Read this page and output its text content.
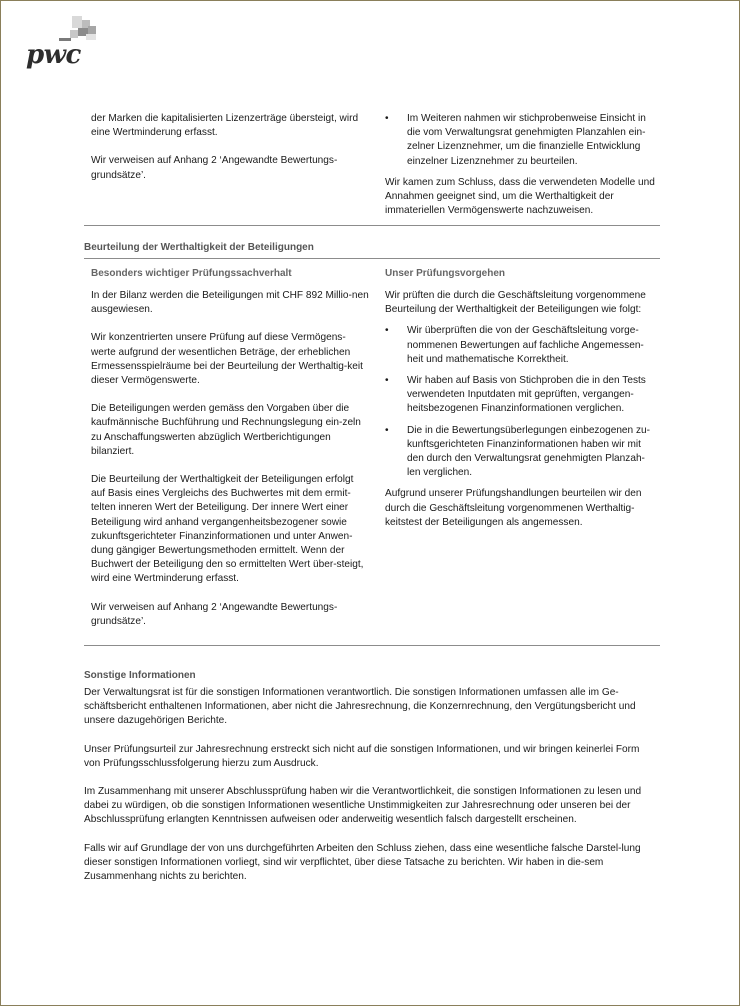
pwc

der Marken die kapitalisierten Lizenzerträge übersteigt, wird eine Wertminderung erfasst.

Wir verweisen auf Anhang 2 ‘Angewandte Bewertungs-grundsätze’.

• Im Weiteren nahmen wir stichprobenweise Einsicht in die vom Verwaltungsrat genehmigten Planzahlen ein-zelner Lizenznehmer, um die finanzielle Entwicklung einzelner Lizenznehmer zu beurteilen.

Wir kamen zum Schluss, dass die verwendeten Modelle und Annahmen geeignet sind, um die Werthaltigkeit der immateriellen Vermögenswerte nachzuweisen.

Beurteilung der Werthaltigkeit der Beteiligungen
Besonders wichtiger Prüfungssachverhalt

In der Bilanz werden die Beteiligungen mit CHF 892 Millio-nen ausgewiesen.

Wir konzentrierten unsere Prüfung auf diese Vermögens-werte aufgrund der wesentlichen Beträge, der erheblichen Ermessensspielräume bei der Beurteilung der Werthaltig-keit dieser Vermögenswerte.

Die Beteiligungen werden gemäss den Vorgaben über die kaufmännische Buchführung und Rechnungslegung ein-zeln zu Anschaffungswerten abzüglich Wertberichtigungen bilanziert.

Die Beurteilung der Werthaltigkeit der Beteiligungen erfolgt auf Basis eines Vergleichs des Buchwertes mit dem ermit-telten inneren Wert der Beteiligung. Der innere Wert einer Beteiligung wird anhand vergangenheitsbezogener sowie zukunftsgerichteter Finanzinformationen und unter Anwen-dung gängiger Bewertungsmethoden ermittelt. Wenn der Buchwert der Beteiligung den so ermittelten Wert über-steigt, wird eine Wertminderung erfasst.

Wir verweisen auf Anhang 2 ‘Angewandte Bewertungs-grundsätze’.

Unser Prüfungsvorgehen

Wir prüften die durch die Geschäftsleitung vorgenommene Beurteilung der Werthaltigkeit der Beteiligungen wie folgt:

• Wir überprüften die von der Geschäftsleitung vorge-nommenen Bewertungen auf fachliche Angemessen-heit und mathematische Korrektheit.
• Wir haben auf Basis von Stichproben die in den Tests verwendeten Inputdaten mit geprüften, vergangen-heitsbezogenen Finanzinformationen verglichen.
• Die in die Bewertungsüberlegungen einbezogenen zu-kunftsgerichteten Finanzinformationen haben wir mit den durch den Verwaltungsrat genehmigten Planzah-len verglichen.

Aufgrund unserer Prüfungshandlungen beurteilen wir den durch die Geschäftsleitung vorgenommenen Werthaltig-keitstest der Beteiligungen als angemessen.

Sonstige Informationen

Der Verwaltungsrat ist für die sonstigen Informationen verantwortlich. Die sonstigen Informationen umfassen alle im Ge-schäftsbericht enthaltenen Informationen, aber nicht die Jahresrechnung, die Konzernrechnung, den Vergütungsbericht und unsere dazugehörigen Berichte.

Unser Prüfungsurteil zur Jahresrechnung erstreckt sich nicht auf die sonstigen Informationen, und wir bringen keinerlei Form von Prüfungsschlussfolgerung hierzu zum Ausdruck.

Im Zusammenhang mit unserer Abschlussprüfung haben wir die Verantwortlichkeit, die sonstigen Informationen zu lesen und dabei zu würdigen, ob die sonstigen Informationen wesentliche Unstimmigkeiten zur Jahresrechnung oder unseren bei der Abschlussprüfung erlangten Kenntnissen aufweisen oder anderweitig wesentlich falsch dargestellt erscheinen.

Falls wir auf Grundlage der von uns durchgeführten Arbeiten den Schluss ziehen, dass eine wesentliche falsche Darstel-lung dieser sonstigen Informationen vorliegt, sind wir verpflichtet, über diese Tatsache zu berichten. Wir haben in die-sem Zusammenhang nichts zu berichten.
